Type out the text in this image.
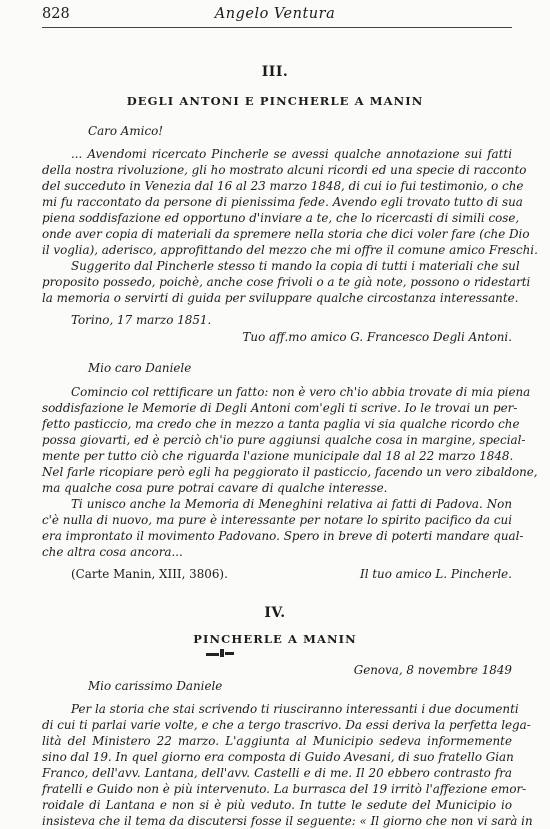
828	Angelo Ventura
III.
DEGLI ANTONI E PINCHERLE A MANIN
Caro Amico!
... Avendomi ricercato Pincherle se avessi qualche annotazione sui fatti
della nostra rivoluzione, gli ho mostrato alcuni ricordi ed una specie di racconto
del succeduto in Venezia dal 16 al 23 marzo 1848, di cui io fui testimonio, o che
mi fu raccontato da persone di pienissima fede. Avendo egli trovato tutto di sua
piena soddisfazione ed opportuno d'inviare a te, che lo ricercasti di simili cose,
onde aver copia di materiali da spremere nella storia che dici voler fare (che Dio
il voglia), aderisco, approfittando del mezzo che mi offre il comune amico Freschi.
Suggerito dal Pincherle stesso ti mando la copia di tutti i materiali che sul
proposito possedo, poichè, anche cose frivoli o a te già note, possono o ridestarti
la memoria o servirti di guida per sviluppare qualche circostanza interessante.
Torino, 17 marzo 1851.
Tuo aff.mo amico G. Francesco Degli Antoni.
Mio caro Daniele
Comincio col rettificare un fatto: non è vero ch'io abbia trovate di mia piena
soddisfazione le Memorie di Degli Antoni com'egli ti scrive. Io le trovai un per-
fetto pasticcio, ma credo che in mezzo a tanta paglia vi sia qualche ricordo che
possa giovarti, ed è perciò ch'io pure aggiunsi qualche cosa in margine, special-
mente per tutto ciò che riguarda l'azione municipale dal 18 al 22 marzo 1848.
Nel farle ricopiare però egli ha peggiorato il pasticcio, facendo un vero zibaldone,
ma qualche cosa pure potrai cavare di qualche interesse.
Ti unisco anche la Memoria di Meneghini relativa ai fatti di Padova. Non
c'è nulla di nuovo, ma pure è interessante per notare lo spirito pacifico da cui
era improntato il movimento Padovano. Spero in breve di poterti mandare qual-
che altra cosa ancora...
(Carte Manin, XIII, 3806).	Il tuo amico L. Pincherle.
IV.
PINCHERLE A MANIN
Genova, 8 novembre 1849
Mio carissimo Daniele
Per la storia che stai scrivendo ti riusciranno interessanti i due documenti
di cui ti parlai varie volte, e che a tergo trascrivo. Da essi deriva la perfetta lega-
lità del Ministero 22 marzo. L'aggiunta al Municipio sedeva informemente
sino dal 19. In quel giorno era composta di Guido Avesani, di suo fratello Gian
Franco, dell'avv. Lantana, dell'avv. Castelli e di me. Il 20 ebbero contrasto fra
fratelli e Guido non è più intervenuto. La burrasca del 19 irritò l'affezione emor-
roidale di Lantana e non si è più veduto. In tutte le sedute del Municipio io
insisteva che il tema da discutersi fosse il seguente: « Il giorno che non vi sarà in
